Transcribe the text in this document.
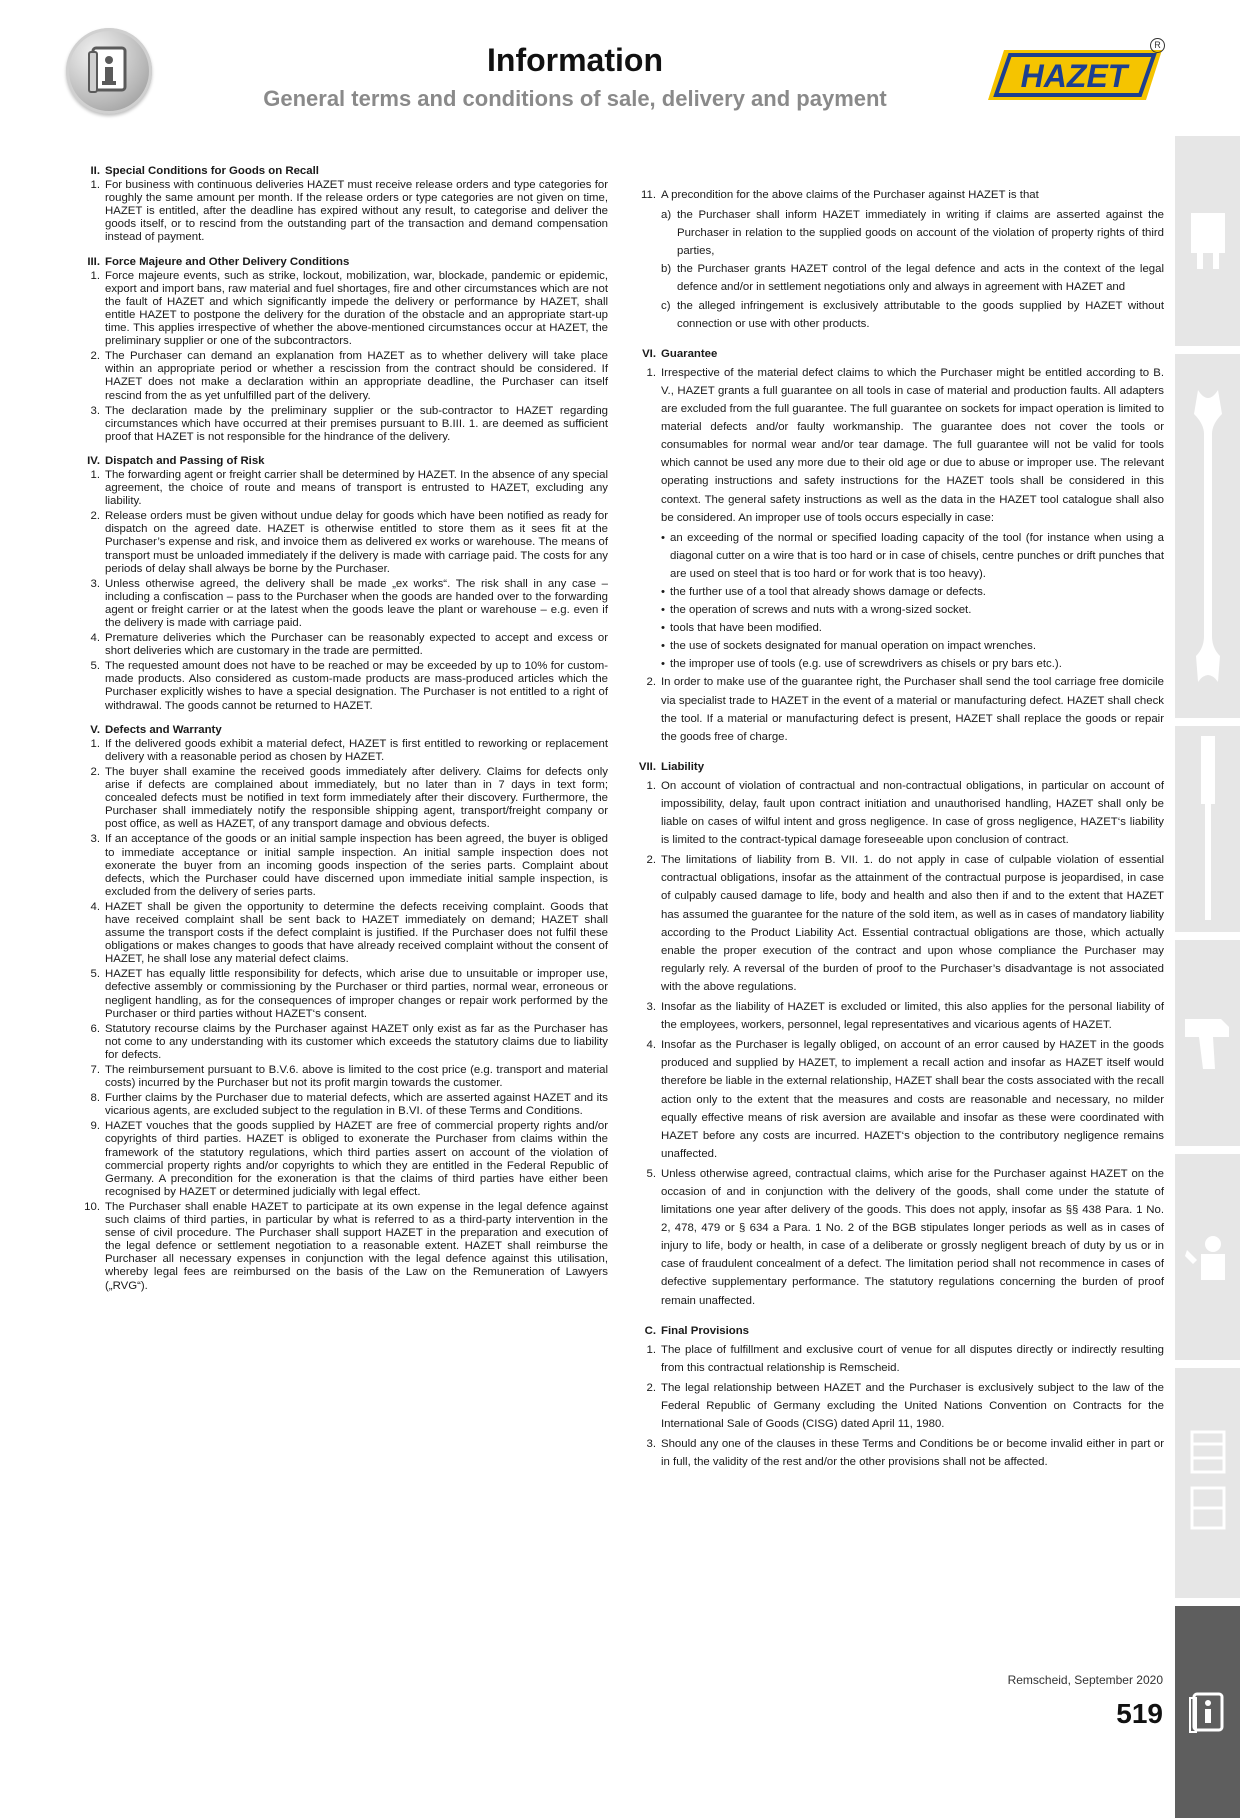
Information
General terms and conditions of sale, delivery and payment
HAZET
R
II. Special Conditions for Goods on Recall
1. For business with continuous deliveries HAZET must receive release orders and type categories for roughly the same amount per month. If the release orders or type categories are not given on time, HAZET is entitled, after the deadline has expired without any result, to categorise and deliver the goods itself, or to rescind from the outstanding part of the transaction and demand compensation instead of payment.
III. Force Majeure and Other Delivery Conditions
1. Force majeure events, such as strike, lockout, mobilization, war, blockade, pandemic or epidemic, export and import bans, raw material and fuel shortages, fire and other circumstances which are not the fault of HAZET and which significantly impede the delivery or performance by HAZET, shall entitle HAZET to postpone the delivery for the duration of the obstacle and an appropriate start-up time. This applies irrespective of whether the above-mentioned circumstances occur at HAZET, the preliminary supplier or one of the subcontractors.
2. The Purchaser can demand an explanation from HAZET as to whether delivery will take place within an appropriate period or whether a rescission from the contract should be considered. If HAZET does not make a declaration within an appropriate deadline, the Purchaser can itself rescind from the as yet unfulfilled part of the delivery.
3. The declaration made by the preliminary supplier or the sub-contractor to HAZET regarding circumstances which have occurred at their premises pursuant to B.III. 1. are deemed as sufficient proof that HAZET is not responsible for the hindrance of the delivery.
IV. Dispatch and Passing of Risk
1. The forwarding agent or freight carrier shall be determined by HAZET. In the absence of any special agreement, the choice of route and means of transport is entrusted to HAZET, excluding any liability.
2. Release orders must be given without undue delay for goods which have been notified as ready for dispatch on the agreed date. HAZET is otherwise entitled to store them as it sees fit at the Purchaser’s expense and risk, and invoice them as delivered ex works or warehouse. The means of transport must be unloaded immediately if the delivery is made with carriage paid. The costs for any periods of delay shall always be borne by the Purchaser.
3. Unless otherwise agreed, the delivery shall be made „ex works“. The risk shall in any case – including a confiscation – pass to the Purchaser when the goods are handed over to the forwarding agent or freight carrier or at the latest when the goods leave the plant or warehouse – e.g. even if the delivery is made with carriage paid.
4. Premature deliveries which the Purchaser can be reasonably expected to accept and excess or short deliveries which are customary in the trade are permitted.
5. The requested amount does not have to be reached or may be exceeded by up to 10% for custom-made products. Also considered as custom-made products are mass-produced articles which the Purchaser explicitly wishes to have a special designation. The Purchaser is not entitled to a right of withdrawal. The goods cannot be returned to HAZET.
V. Defects and Warranty
1. If the delivered goods exhibit a material defect, HAZET is first entitled to reworking or replacement delivery with a reasonable period as chosen by HAZET.
2. The buyer shall examine the received goods immediately after delivery. Claims for defects only arise if defects are complained about immediately, but no later than in 7 days in text form; concealed defects must be notified in text form immediately after their discovery. Furthermore, the Purchaser shall immediately notify the responsible shipping agent, transport/freight company or post office, as well as HAZET, of any transport damage and obvious defects.
3. If an acceptance of the goods or an initial sample inspection has been agreed, the buyer is obliged to immediate acceptance or initial sample inspection. An initial sample inspection does not exonerate the buyer from an incoming goods inspection of the series parts. Complaint about defects, which the Purchaser could have discerned upon immediate initial sample inspection, is excluded from the delivery of series parts.
4. HAZET shall be given the opportunity to determine the defects receiving complaint. Goods that have received complaint shall be sent back to HAZET immediately on demand; HAZET shall assume the transport costs if the defect complaint is justified. If the Purchaser does not fulfil these obligations or makes changes to goods that have already received complaint without the consent of HAZET, he shall lose any material defect claims.
5. HAZET has equally little responsibility for defects, which arise due to unsuitable or improper use, defective assembly or commissioning by the Purchaser or third parties, normal wear, erroneous or negligent handling, as for the consequences of improper changes or repair work performed by the Purchaser or third parties without HAZET‘s consent.
6. Statutory recourse claims by the Purchaser against HAZET only exist as far as the Purchaser has not come to any understanding with its customer which exceeds the statutory claims due to liability for defects.
7. The reimbursement pursuant to B.V.6. above is limited to the cost price (e.g. transport and material costs) incurred by the Purchaser but not its profit margin towards the customer.
8. Further claims by the Purchaser due to material defects, which are asserted against HAZET and its vicarious agents, are excluded subject to the regulation in B.VI. of these Terms and Conditions.
9. HAZET vouches that the goods supplied by HAZET are free of commercial property rights and/or copyrights of third parties. HAZET is obliged to exonerate the Purchaser from claims within the framework of the statutory regulations, which third parties assert on account of the violation of commercial property rights and/or copyrights to which they are entitled in the Federal Republic of Germany. A precondition for the exoneration is that the claims of third parties have either been recognised by HAZET or determined judicially with legal effect.
10. The Purchaser shall enable HAZET to participate at its own expense in the legal defence against such claims of third parties, in particular by what is referred to as a third-party intervention in the sense of civil procedure. The Purchaser shall support HAZET in the preparation and execution of the legal defence or settlement negotiation to a reasonable extent. HAZET shall reimburse the Purchaser all necessary expenses in conjunction with the legal defence against this utilisation, whereby legal fees are reimbursed on the basis of the Law on the Remuneration of Lawyers („RVG“).
11. A precondition for the above claims of the Purchaser against HAZET is that
a) the Purchaser shall inform HAZET immediately in writing if claims are asserted against the Purchaser in relation to the supplied goods on account of the violation of property rights of third parties,
b) the Purchaser grants HAZET control of the legal defence and acts in the context of the legal defence and/or in settlement negotiations only and always in agreement with HAZET and
c) the alleged infringement is exclusively attributable to the goods supplied by HAZET without connection or use with other products.
VI. Guarantee
1. Irrespective of the material defect claims to which the Purchaser might be entitled according to B. V., HAZET grants a full guarantee on all tools in case of material and production faults. All adapters are excluded from the full guarantee. The full guarantee on sockets for impact operation is limited to material defects and/or faulty workmanship. The guarantee does not cover the tools or consumables for normal wear and/or tear damage. The full guarantee will not be valid for tools which cannot be used any more due to their old age or due to abuse or improper use. The relevant operating instructions and safety instructions for the HAZET tools shall be considered in this context. The general safety instructions as well as the data in the HAZET tool catalogue shall also be considered. An improper use of tools occurs especially in case:
• an exceeding of the normal or specified loading capacity of the tool (for instance when using a diagonal cutter on a wire that is too hard or in case of chisels, centre punches or drift punches that are used on steel that is too hard or for work that is too heavy).
• the further use of a tool that already shows damage or defects.
• the operation of screws and nuts with a wrong-sized socket.
• tools that have been modified.
• the use of sockets designated for manual operation on impact wrenches.
• the improper use of tools (e.g. use of screwdrivers as chisels or pry bars etc.).
2. In order to make use of the guarantee right, the Purchaser shall send the tool carriage free domicile via specialist trade to HAZET in the event of a material or manufacturing defect. HAZET shall check the tool. If a material or manufacturing defect is present, HAZET shall replace the goods or repair the goods free of charge.
VII. Liability
1. On account of violation of contractual and non-contractual obligations, in particular on account of impossibility, delay, fault upon contract initiation and unauthorised handling, HAZET shall only be liable on cases of wilful intent and gross negligence. In case of gross negligence, HAZET‘s liability is limited to the contract-typical damage foreseeable upon conclusion of contract.
2. The limitations of liability from B. VII. 1. do not apply in case of culpable violation of essential contractual obligations, insofar as the attainment of the contractual purpose is jeopardised, in case of culpably caused damage to life, body and health and also then if and to the extent that HAZET has assumed the guarantee for the nature of the sold item, as well as in cases of mandatory liability according to the Product Liability Act. Essential contractual obligations are those, which actually enable the proper execution of the contract and upon whose compliance the Purchaser may regularly rely. A reversal of the burden of proof to the Purchaser’s disadvantage is not associated with the above regulations.
3. Insofar as the liability of HAZET is excluded or limited, this also applies for the personal liability of the employees, workers, personnel, legal representatives and vicarious agents of HAZET.
4. Insofar as the Purchaser is legally obliged, on account of an error caused by HAZET in the goods produced and supplied by HAZET, to implement a recall action and insofar as HAZET itself would therefore be liable in the external relationship, HAZET shall bear the costs associated with the recall action only to the extent that the measures and costs are reasonable and necessary, no milder equally effective means of risk aversion are available and insofar as these were coordinated with HAZET before any costs are incurred. HAZET‘s objection to the contributory negligence remains unaffected.
5. Unless otherwise agreed, contractual claims, which arise for the Purchaser against HAZET on the occasion of and in conjunction with the delivery of the goods, shall come under the statute of limitations one year after delivery of the goods. This does not apply, insofar as §§ 438 Para. 1 No. 2, 478, 479 or § 634 a Para. 1 No. 2 of the BGB stipulates longer periods as well as in cases of injury to life, body or health, in case of a deliberate or grossly negligent breach of duty by us or in case of fraudulent concealment of a defect. The limitation period shall not recommence in cases of defective supplementary performance. The statutory regulations concerning the burden of proof remain unaffected.
C. Final Provisions
1. The place of fulfillment and exclusive court of venue for all disputes directly or indirectly resulting from this contractual relationship is Remscheid.
2. The legal relationship between HAZET and the Purchaser is exclusively subject to the law of the Federal Republic of Germany excluding the United Nations Convention on Contracts for the International Sale of Goods (CISG) dated April 11, 1980.
3. Should any one of the clauses in these Terms and Conditions be or become invalid either in part or in full, the validity of the rest and/or the other provisions shall not be affected.
Remscheid, September 2020
519
